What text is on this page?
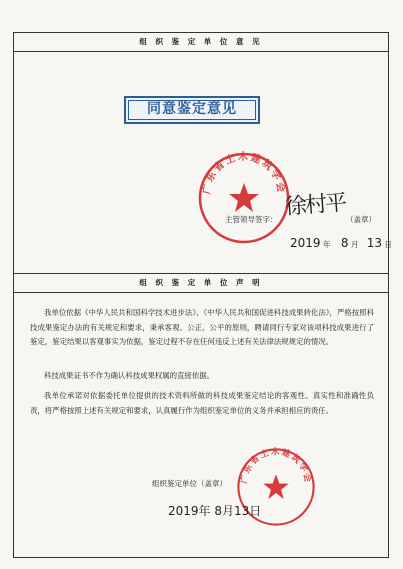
组 织 鉴 定 单 位 意 见
同意鉴定意见
广东省土木建筑学会
主管领导签字： 徐村平 （盖章）
2019 年 8 月 13 日
组 织 鉴 定 单 位 声 明
我单位依据《中华人民共和国科学技术进步法》、《中华人民共和国促进科技成果转化法》，严格按照科技成果鉴定办法的有关规定和要求，秉承客观、公正、公平的原则，聘请同行专家对该项科技成果进行了鉴定，鉴定结果以客观事实为依据，鉴定过程不存在任何违反上述有关法律法规规定的情况。
科技成果证书不作为确认科技成果权属的直接依据。
我单位承诺对依据委托单位提供的技术资料所做的科技成果鉴定结论的客观性、真实性和准确性负责，将严格按照上述有关规定和要求，认真履行作为组织鉴定单位的义务并承担相应的责任。
广东省土木建筑学会
组织鉴定单位（盖章）
2019年 8月13日
